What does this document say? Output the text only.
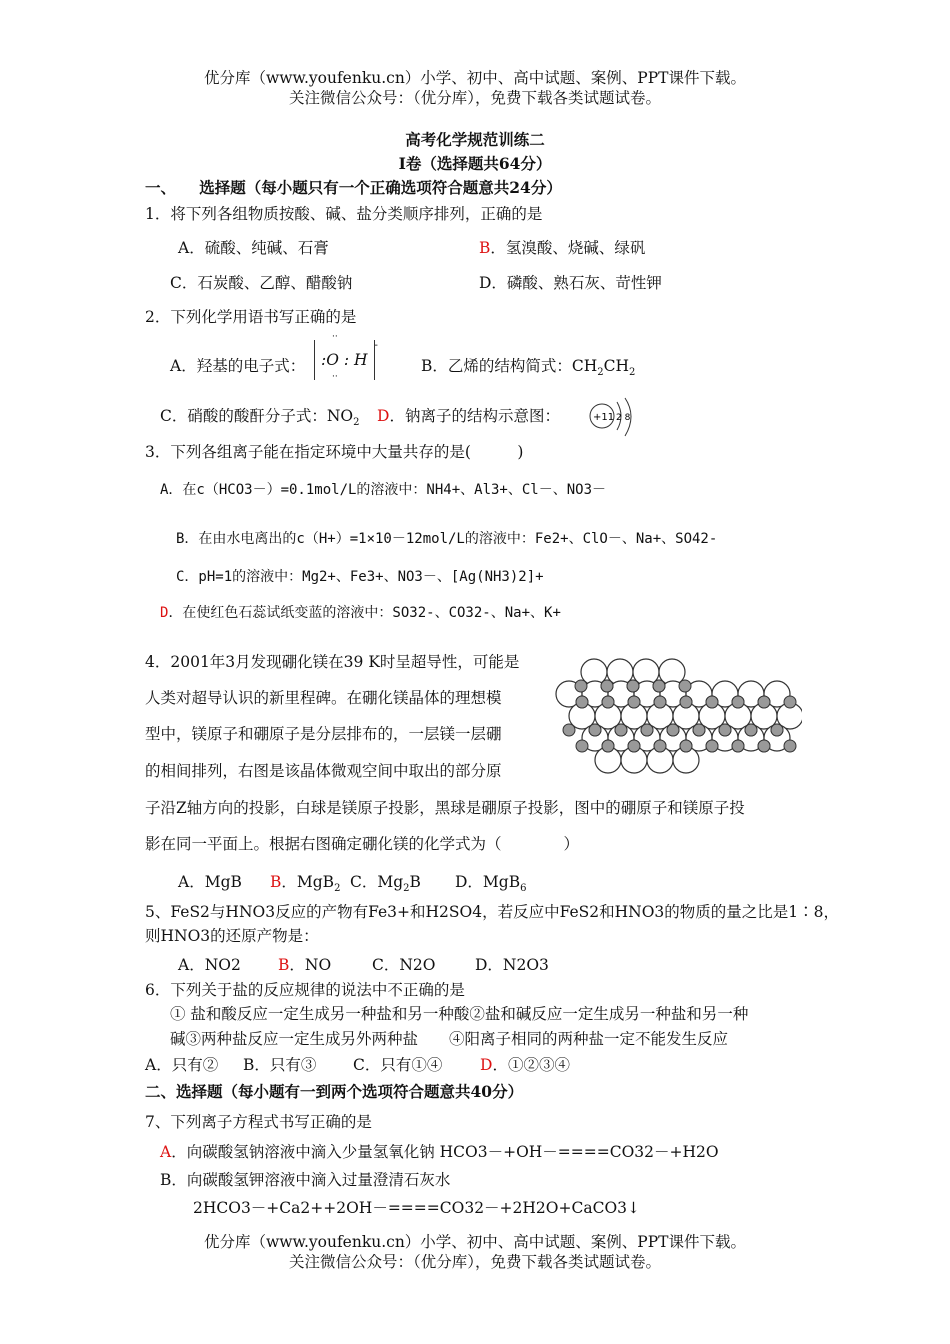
优分库（www.youfenku.cn）小学、初中、高中试题、案例、PPT课件下载。
关注微信公众号：（优分库），免费下载各类试题试卷。
高考化学规范训练二
Ⅰ卷（选择题共64分）
一、　　选择题（每小题只有一个正确选项符合题意共24分）
1．将下列各组物质按酸、碱、盐分类顺序排列，正确的是
A．硫酸、纯碱、石膏	B．氢溴酸、烧碱、绿矾
C．石炭酸、乙醇、醋酸钠	D．磷酸、熟石灰、苛性钾
2．下列化学用语书写正确的是
A．羟基的电子式：
··
:O : H-
··
B．乙烯的结构简式：$CH_2CH_2$
C．硝酸的酸酐分子式：$NO_2$ D．钠离子的结构示意图：	+11 2 8
3．下列各组离子能在指定环境中大量共存的是(　　　)
A．在c（HCO3－）=0.1mol/L的溶液中：NH4+、Al3+、Cl－、NO3－
B．在由水电离出的c（H+）=1×10－12mol/L的溶液中：Fe2+、ClO－、Na+、SO42-
C．pH=1的溶液中：Mg2+、Fe3+、NO3－、[Ag(NH3)2]+
D．在使红色石蕊试纸变蓝的溶液中：SO32-、CO32-、Na+、K+
4．2001年3月发现硼化镁在39 K时呈超导性，可能是
人类对超导认识的新里程碑。在硼化镁晶体的理想模
型中，镁原子和硼原子是分层排布的，一层镁一层硼
的相间排列，右图是该晶体微观空间中取出的部分原
子沿Z轴方向的投影，白球是镁原子投影，黑球是硼原子投影，图中的硼原子和镁原子投
影在同一平面上。根据右图确定硼化镁的化学式为（　　　　）
A．MgB B．MgB$_2$ C．$Mg_2B$ D．MgB$_6$
5、FeS2与HNO3反应的产物有Fe3+和H2SO4，若反应中FeS2和HNO3的物质的量之比是1∶8，
则HNO3的还原产物是：
A．NO2 B．NO	C．N2O	D．N2O3
6．下列关于盐的反应规律的说法中不正确的是
① 盐和酸反应一定生成另一种盐和另一种酸②盐和碱反应一定生成另一种盐和另一种
碱③两种盐反应一定生成另外两种盐　　④阳离子相同的两种盐一定不能发生反应
A．只有② B．只有③ C．只有①④ D．①②③④
二、选择题（每小题有一到两个选项符合题意共40分）
7、下列离子方程式书写正确的是
A．向碳酸氢钠溶液中滴入少量氢氧化钠 HCO3－+OH－====CO32－+H2O
B．向碳酸氢钾溶液中滴入过量澄清石灰水
2HCO3－+Ca2++2OH－====CO32－+2H2O+CaCO3↓
优分库（www.youfenku.cn）小学、初中、高中试题、案例、PPT课件下载。
关注微信公众号：（优分库），免费下载各类试题试卷。
